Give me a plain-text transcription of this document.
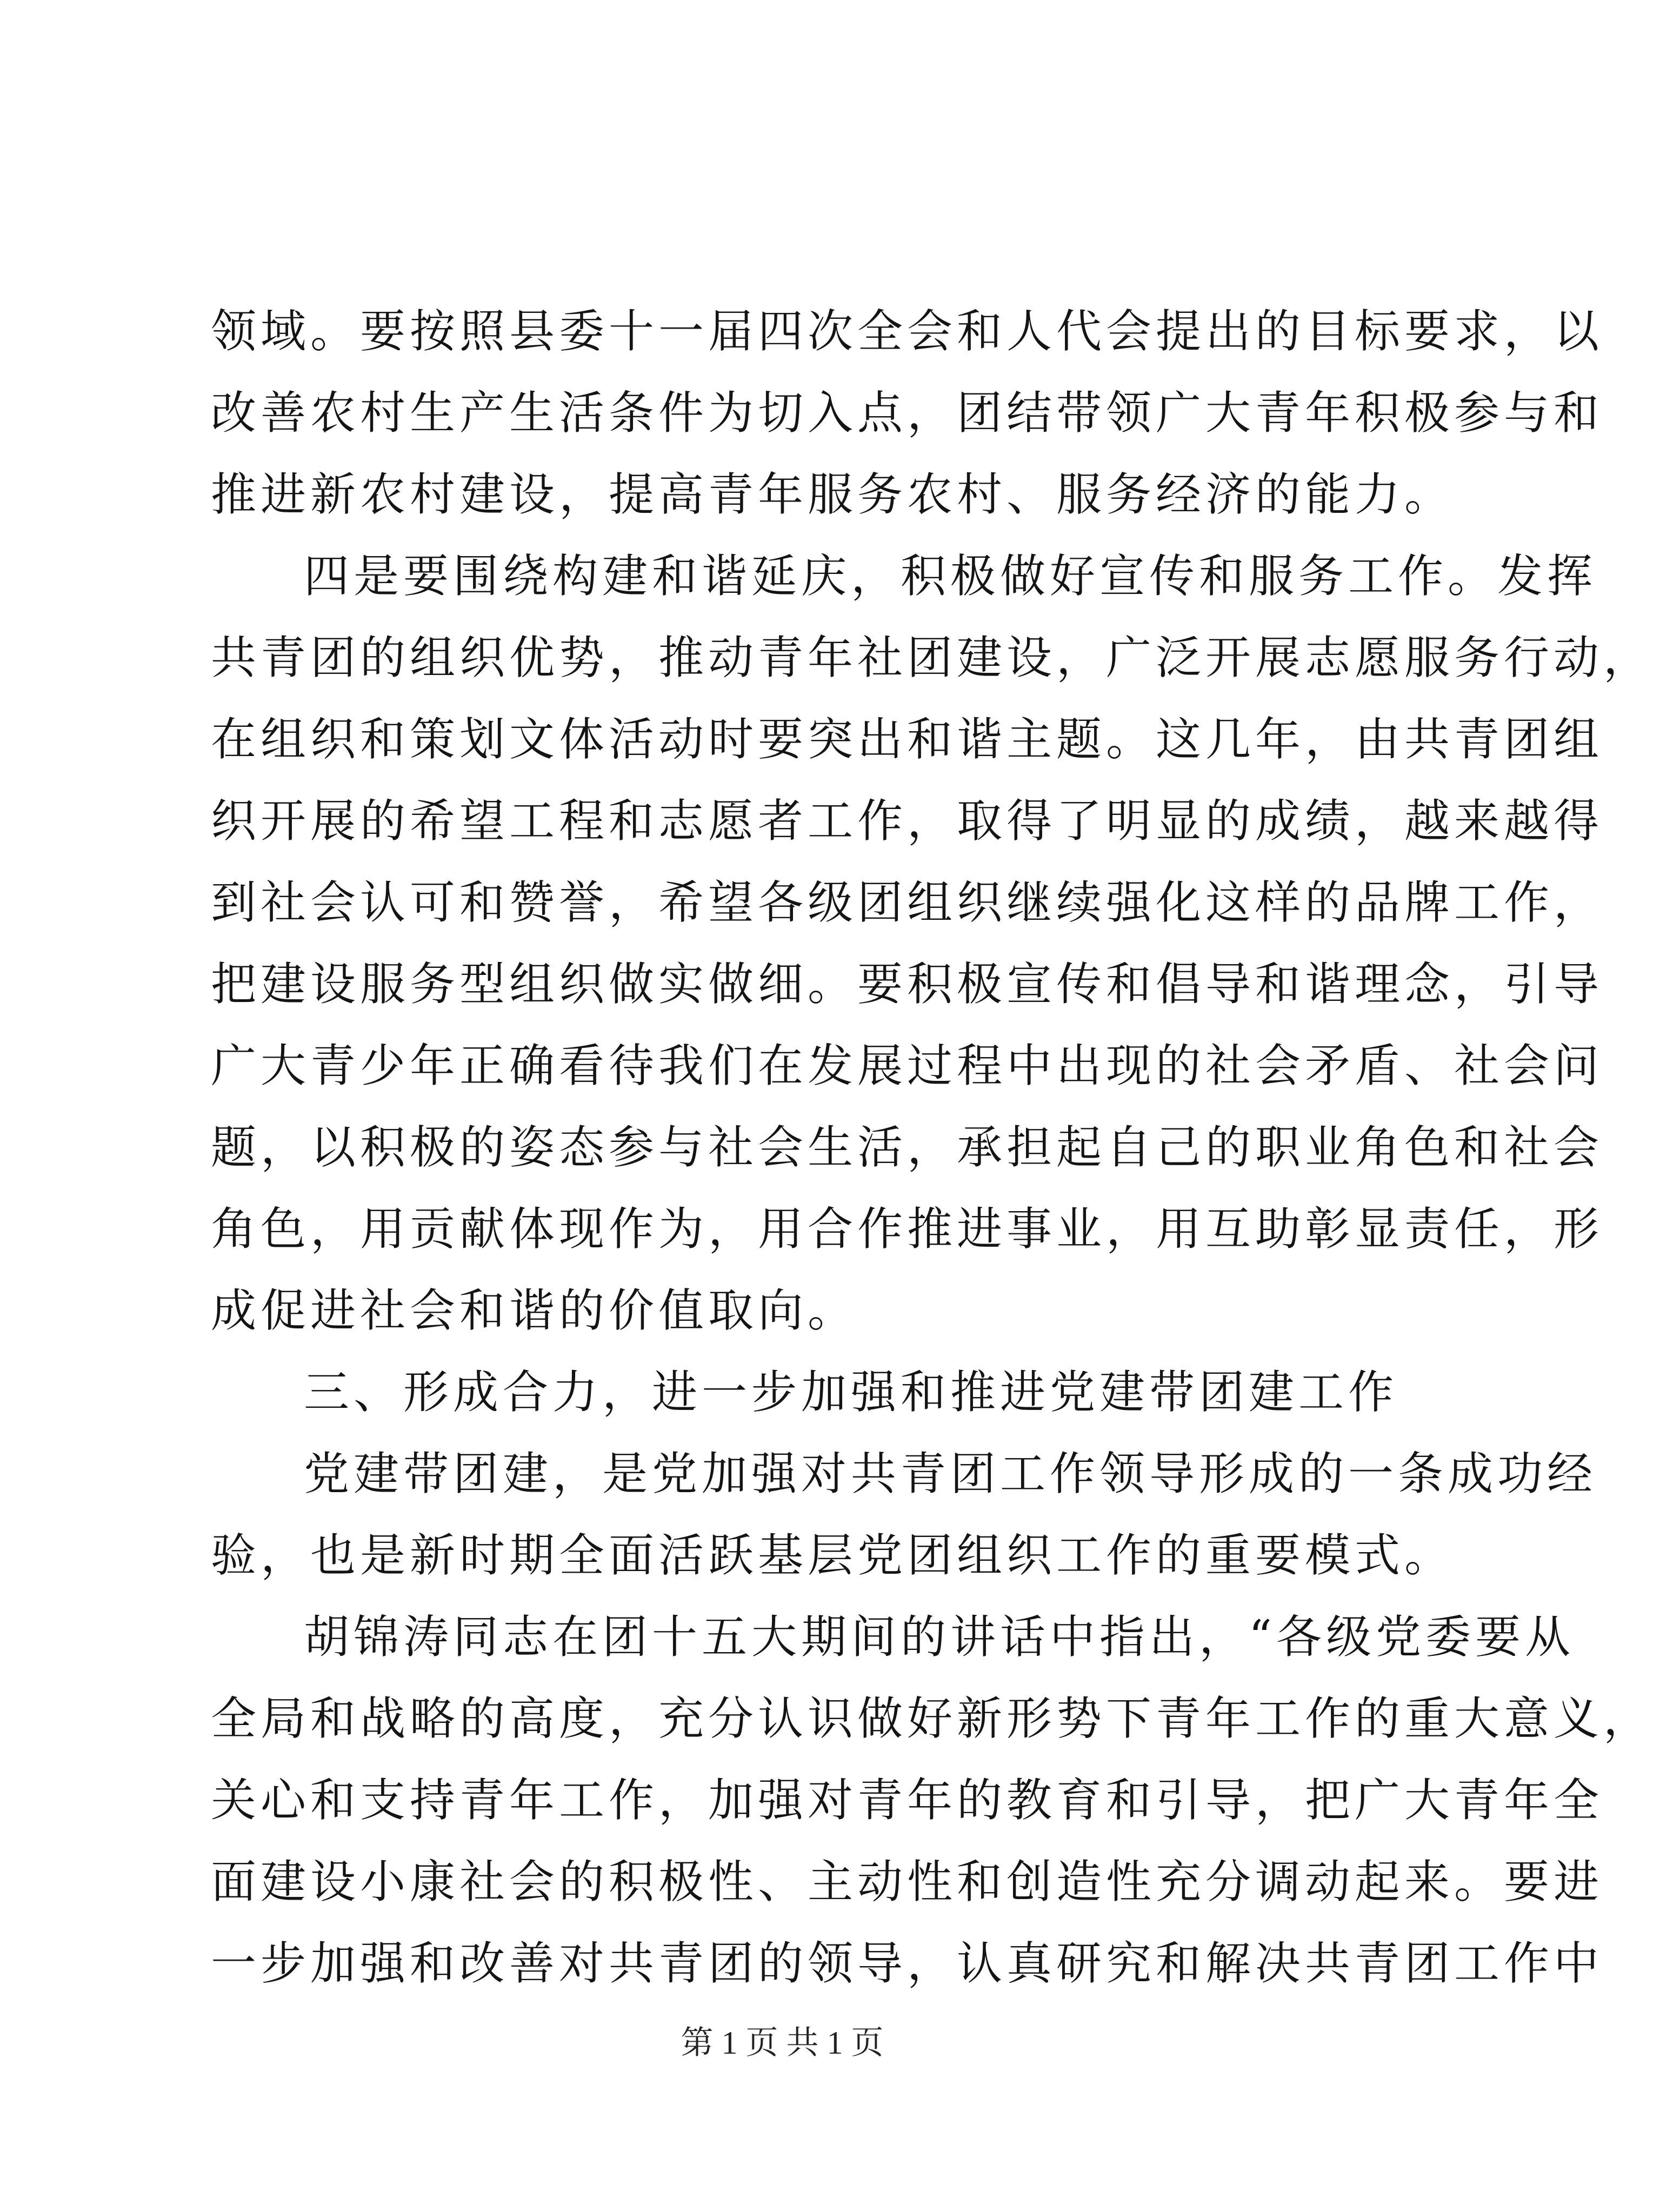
领域。要按照县委十一届四次全会和人代会提出的目标要求，以
改善农村生产生活条件为切入点，团结带领广大青年积极参与和
推进新农村建设，提高青年服务农村、服务经济的能力。
四是要围绕构建和谐延庆，积极做好宣传和服务工作。发挥
共青团的组织优势，推动青年社团建设，广泛开展志愿服务行动，
在组织和策划文体活动时要突出和谐主题。这几年，由共青团组
织开展的希望工程和志愿者工作，取得了明显的成绩，越来越得
到社会认可和赞誉，希望各级团组织继续强化这样的品牌工作，
把建设服务型组织做实做细。要积极宣传和倡导和谐理念，引导
广大青少年正确看待我们在发展过程中出现的社会矛盾、社会问
题，以积极的姿态参与社会生活，承担起自己的职业角色和社会
角色，用贡献体现作为，用合作推进事业，用互助彰显责任，形
成促进社会和谐的价值取向。
三、形成合力，进一步加强和推进党建带团建工作
党建带团建，是党加强对共青团工作领导形成的一条成功经
验，也是新时期全面活跃基层党团组织工作的重要模式。
胡锦涛同志在团十五大期间的讲话中指出，“各级党委要从
全局和战略的高度，充分认识做好新形势下青年工作的重大意义，
关心和支持青年工作，加强对青年的教育和引导，把广大青年全
面建设小康社会的积极性、主动性和创造性充分调动起来。要进
一步加强和改善对共青团的领导，认真研究和解决共青团工作中
第 1 页 共 1 页
